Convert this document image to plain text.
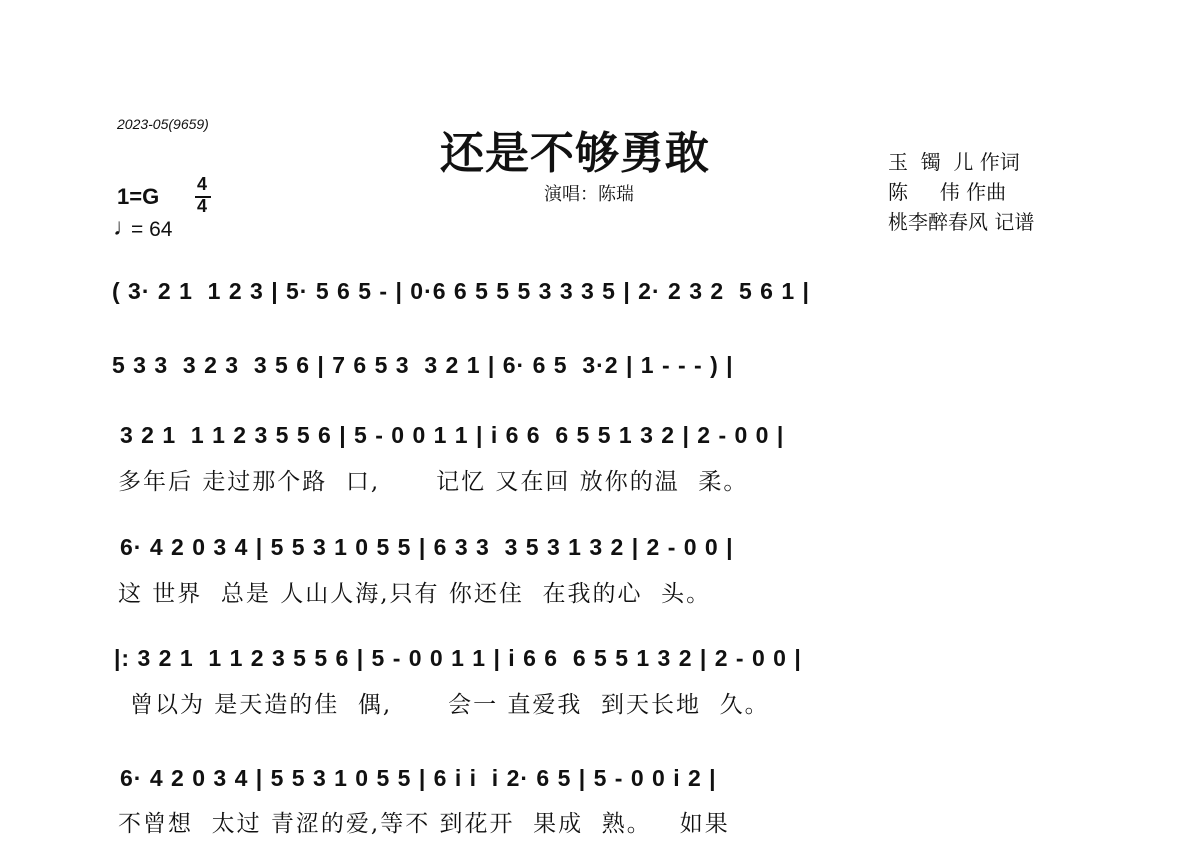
2023-05(9659)
还是不够勇敢
演唱：陈瑞
1=G 4
4
♩
= 64
玉  镯  儿 作词
陈     伟 作曲
桃李醉春风 记谱
( 3· 2 1  1 2 3 | 5· 5 6 5 - | 0·6 6 5 5 5 3 3 3 5 | 2· 2 3 2  5 6 1 |
5 3 3  3 2 3  3 5 6 | 7 6 5 3  3 2 1 | 6· 6 5  3·2 | 1 - - - ) |
3 2 1  1 1 2 3 5 5 6 | 5 - 0 0 1 1 | i 6 6  6 5 5 1 3 2 | 2 - 0 0 |
多年后 走过那个路  口,      记忆 又在回 放你的温  柔。
6· 4 2 0 3 4 | 5 5 3 1 0 5 5 | 6 3 3  3 5 3 1 3 2 | 2 - 0 0 |
这 世界  总是 人山人海,只有 你还住  在我的心  头。
|: 3 2 1  1 1 2 3 5 5 6 | 5 - 0 0 1 1 | i 6 6  6 5 5 1 3 2 | 2 - 0 0 |
曾以为 是天造的佳  偶,      会一 直爱我  到天长地  久。
6· 4 2 0 3 4 | 5 5 3 1 0 5 5 | 6 i i  i 2· 6 5 | 5 - 0 0 i 2 |
不曾想  太过 青涩的爱,等不 到花开  果成  熟。   如果
